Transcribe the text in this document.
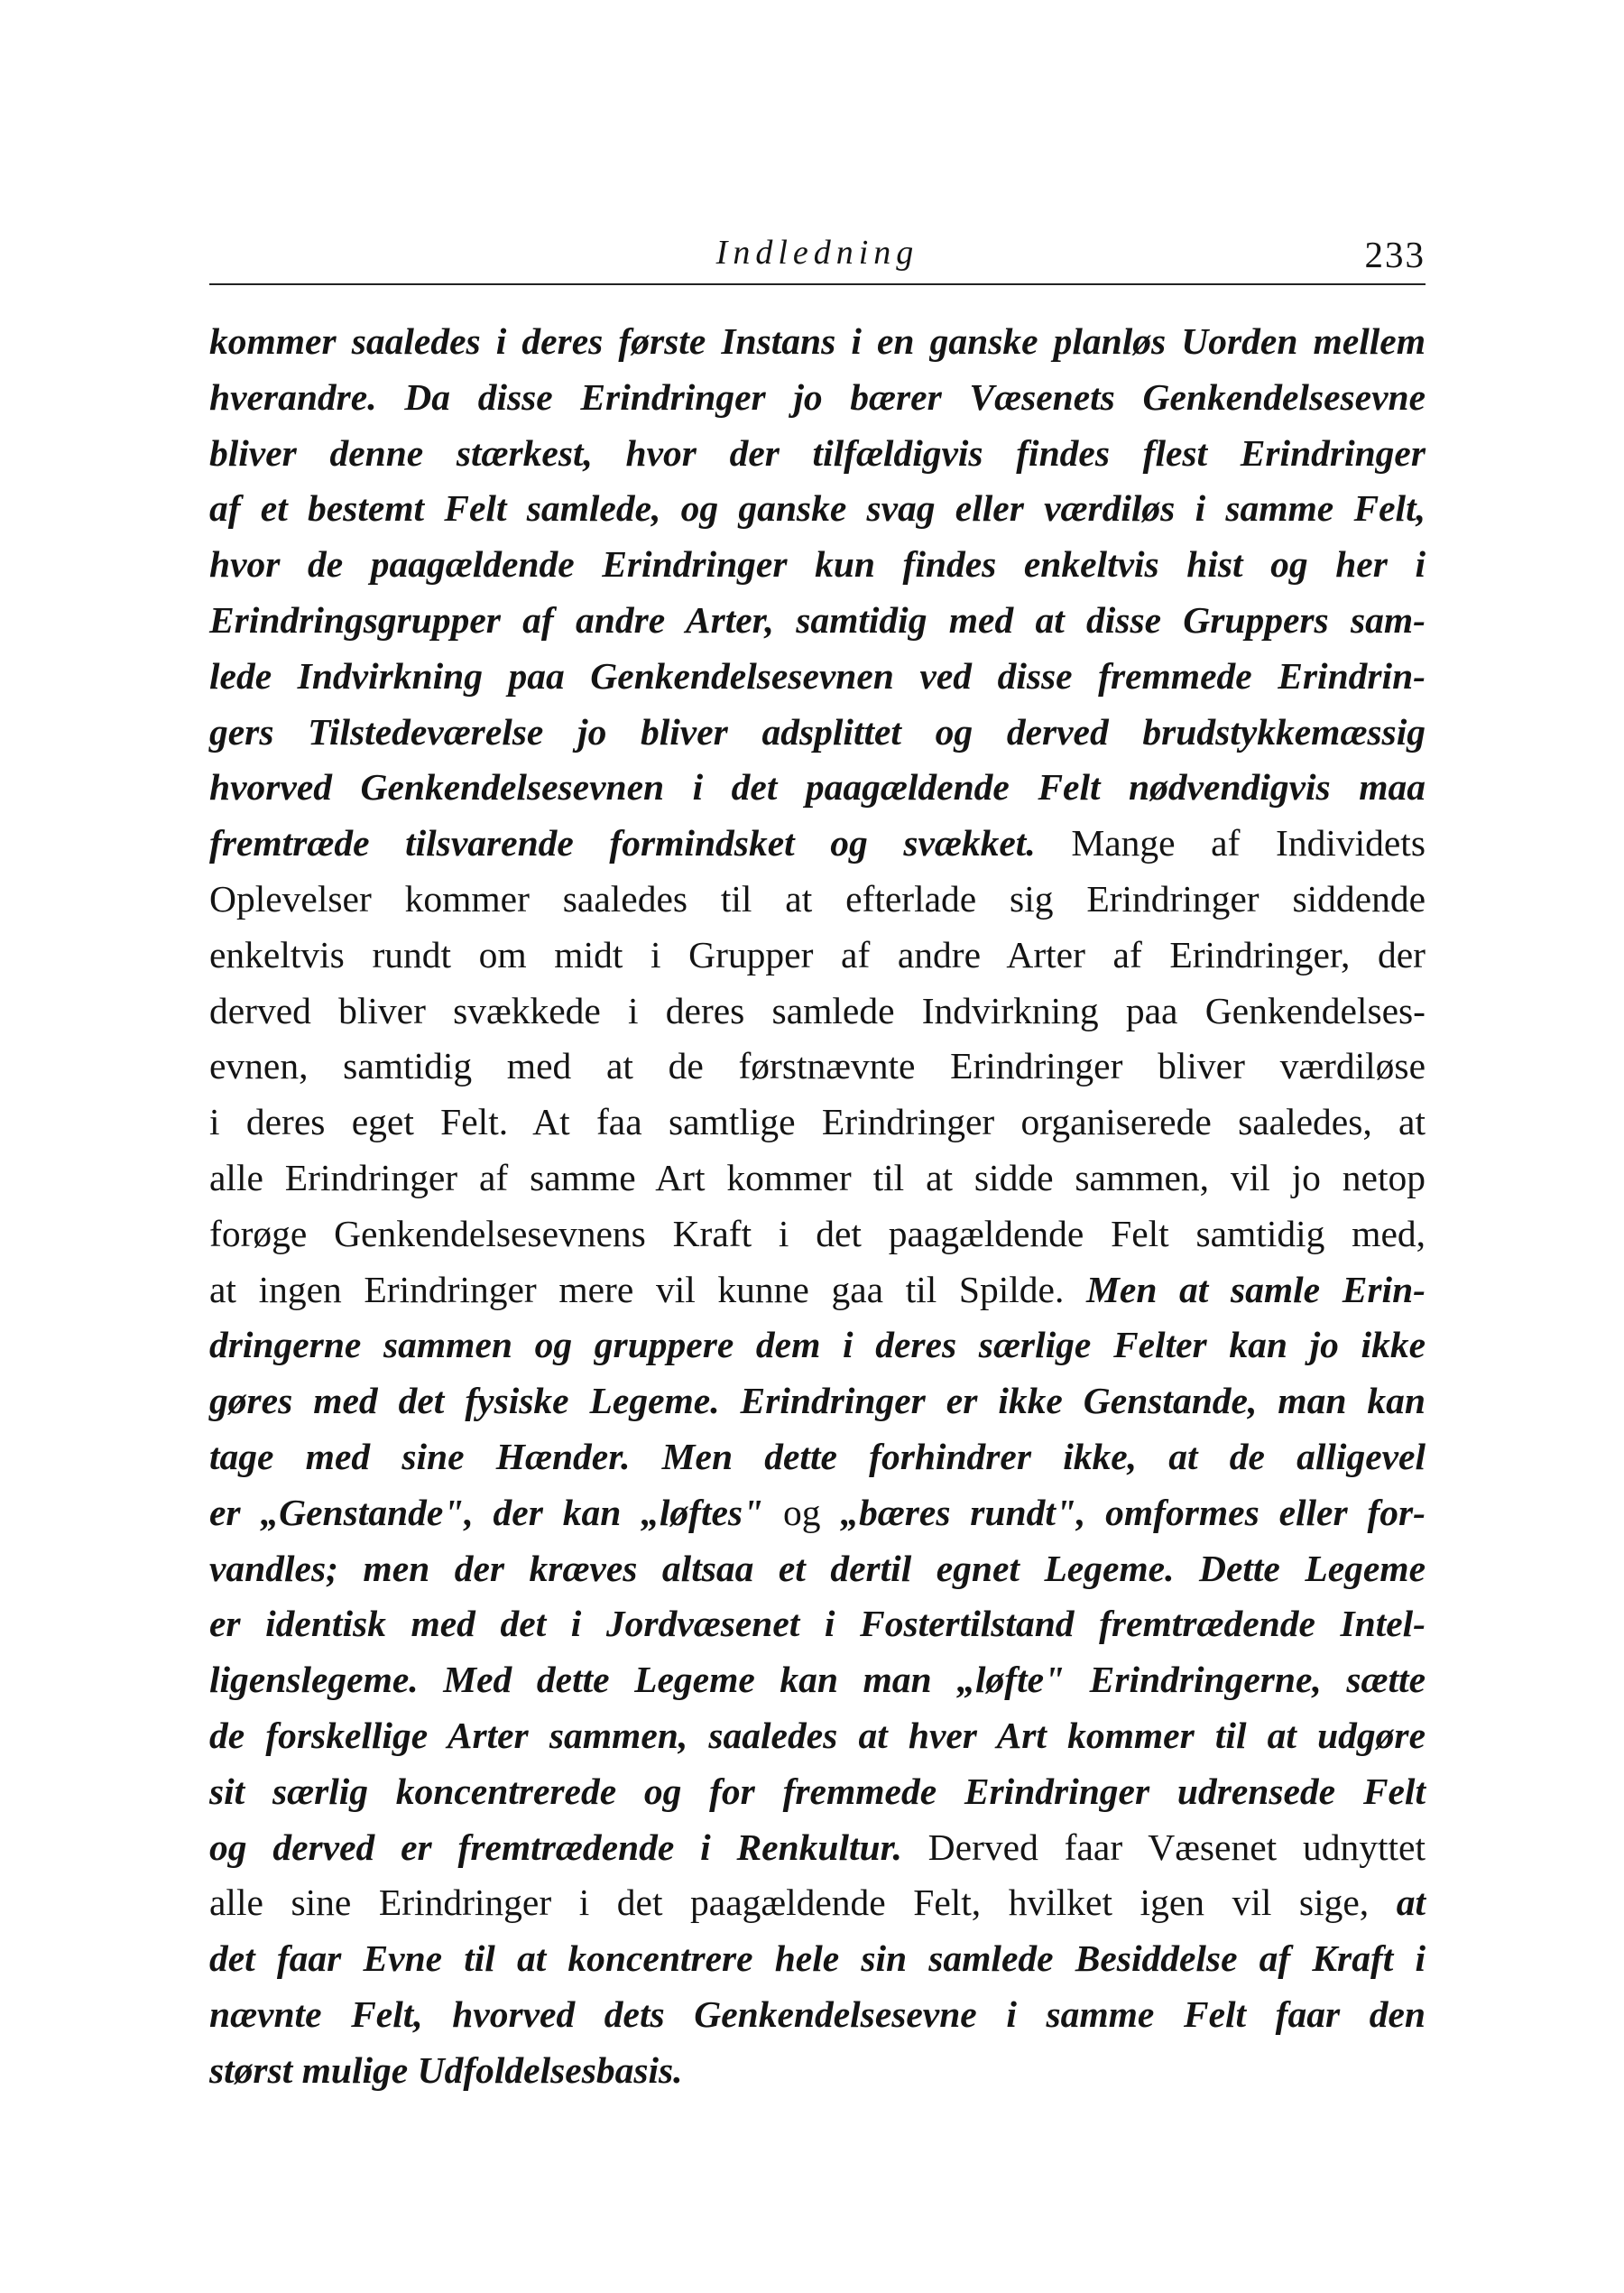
Indledning	233
kommer saaledes i deres første Instans i en ganske planløs Uorden mellem
hverandre. Da disse Erindringer jo bærer Væsenets Genkendelsesevne
bliver denne stærkest, hvor der tilfældigvis findes flest Erindringer
af et bestemt Felt samlede, og ganske svag eller værdiløs i samme Felt,
hvor de paagældende Erindringer kun findes enkeltvis hist og her i
Erindringsgrupper af andre Arter, samtidig med at disse Gruppers sam-
lede Indvirkning paa Genkendelsesevnen ved disse fremmede Erindrin-
gers Tilstedeværelse jo bliver adsplittet og derved brudstykkemæssig
hvorved Genkendelsesevnen i det paagældende Felt nødvendigvis maa
fremtræde tilsvarende formindsket og svækket. Mange af Individets
Oplevelser kommer saaledes til at efterlade sig Erindringer siddende
enkeltvis rundt om midt i Grupper af andre Arter af Erindringer, der
derved bliver svækkede i deres samlede Indvirkning paa Genkendelses-
evnen, samtidig med at de førstnævnte Erindringer bliver værdiløse
i deres eget Felt. At faa samtlige Erindringer organiserede saaledes, at
alle Erindringer af samme Art kommer til at sidde sammen, vil jo netop
forøge Genkendelsesevnens Kraft i det paagældende Felt samtidig med,
at ingen Erindringer mere vil kunne gaa til Spilde. Men at samle Erin-
dringerne sammen og gruppere dem i deres særlige Felter kan jo ikke
gøres med det fysiske Legeme. Erindringer er ikke Genstande, man kan
tage med sine Hænder. Men dette forhindrer ikke, at de alligevel
er „Genstande", der kan „løftes" og „bæres rundt", omformes eller for-
vandles; men der kræves altsaa et dertil egnet Legeme. Dette Legeme
er identisk med det i Jordvæsenet i Fostertilstand fremtrædende Intel-
ligenslegeme. Med dette Legeme kan man „løfte" Erindringerne, sætte
de forskellige Arter sammen, saaledes at hver Art kommer til at udgøre
sit særlig koncentrerede og for fremmede Erindringer udrensede Felt
og derved er fremtrædende i Renkultur. Derved faar Væsenet udnyttet
alle sine Erindringer i det paagældende Felt, hvilket igen vil sige, at
det faar Evne til at koncentrere hele sin samlede Besiddelse af Kraft i
nævnte Felt, hvorved dets Genkendelsesevne i samme Felt faar den
størst mulige Udfoldelsesbasis.
